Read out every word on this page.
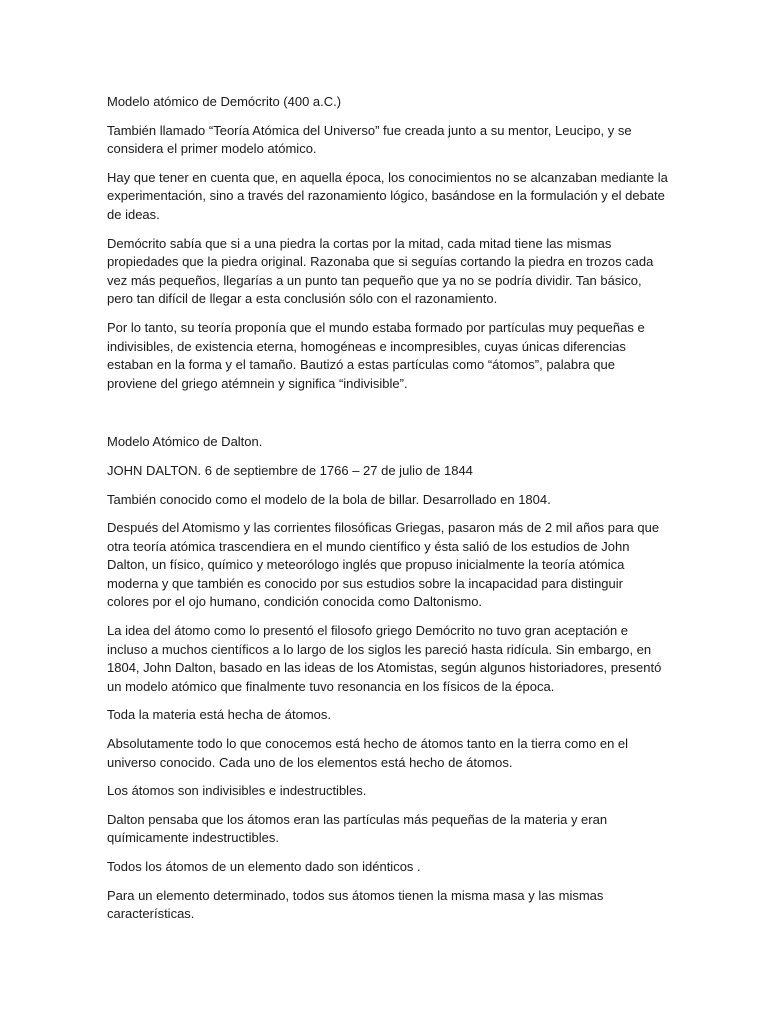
Modelo atómico de Demócrito (400 a.C.)

También llamado “Teoría Atómica del Universo” fue creada junto a su mentor, Leucipo, y se considera el primer modelo atómico.

Hay que tener en cuenta que, en aquella época, los conocimientos no se alcanzaban mediante la experimentación, sino a través del razonamiento lógico, basándose en la formulación y el debate de ideas.

Demócrito sabía que si a una piedra la cortas por la mitad, cada mitad tiene las mismas propiedades que la piedra original. Razonaba que si seguías cortando la piedra en trozos cada vez más pequeños, llegarías a un punto tan pequeño que ya no se podría dividir. Tan básico, pero tan difícil de llegar a esta conclusión sólo con el razonamiento.

Por lo tanto, su teoría proponía que el mundo estaba formado por partículas muy pequeñas e indivisibles, de existencia eterna, homogéneas e incompresibles, cuyas únicas diferencias estaban en la forma y el tamaño. Bautizó a estas partículas como “átomos”, palabra que proviene del griego atémnein y significa “indivisible”.

Modelo Atómico de Dalton.

JOHN DALTON. 6 de septiembre de 1766 – 27 de julio de 1844

También conocido como el modelo de la bola de billar. Desarrollado en 1804.

Después del Atomismo y las corrientes filosóficas Griegas, pasaron más de 2 mil años para que otra teoría atómica trascendiera en el mundo científico y ésta salió de los estudios de John Dalton, un físico, químico y meteorólogo inglés que propuso inicialmente la teoría atómica moderna y que también es conocido por sus estudios sobre la incapacidad para distinguir colores por el ojo humano, condición conocida como Daltonismo.

La idea del átomo como lo presentó el filosofo griego Demócrito no tuvo gran aceptación e incluso a muchos científicos a lo largo de los siglos les pareció hasta ridícula. Sin embargo, en 1804, John Dalton, basado en las ideas de los Atomistas, según algunos historiadores, presentó un modelo atómico que finalmente tuvo resonancia en los físicos de la época.

Toda la materia está hecha de átomos.

Absolutamente todo lo que conocemos está hecho de átomos tanto en la tierra como en el universo conocido. Cada uno de los elementos está hecho de átomos.

Los átomos son indivisibles e indestructibles.

Dalton pensaba que los átomos eran las partículas más pequeñas de la materia y eran químicamente indestructibles.

Todos los átomos de un elemento dado son idénticos .

Para un elemento determinado, todos sus átomos tienen la misma masa y las mismas características.
